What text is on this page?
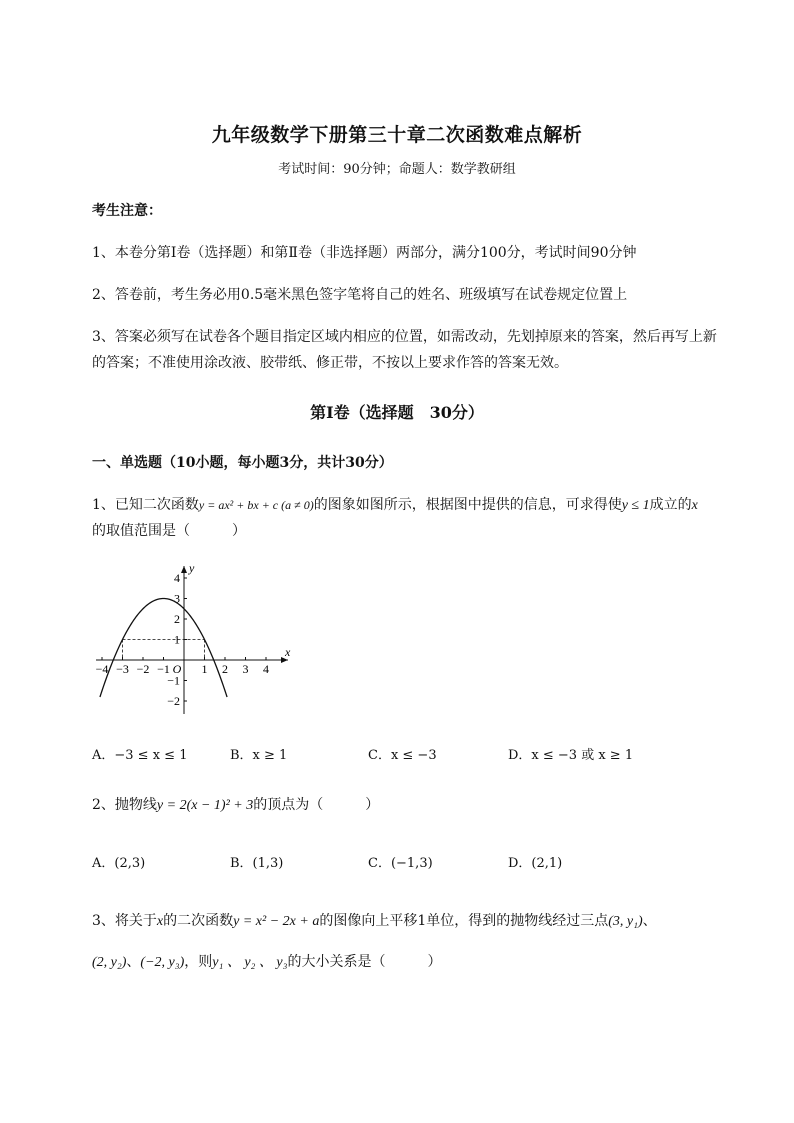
九年级数学下册第三十章二次函数难点解析
考试时间：90分钟；命题人：数学教研组
考生注意：
1、本卷分第I卷（选择题）和第Ⅱ卷（非选择题）两部分，满分100分，考试时间90分钟
2、答卷前，考生务必用0.5毫米黑色签字笔将自己的姓名、班级填写在试卷规定位置上
3、答案必须写在试卷各个题目指定区域内相应的位置，如需改动，先划掉原来的答案，然后再写上新
的答案；不准使用涂改液、胶带纸、修正带，不按以上要求作答的答案无效。
第I卷（选择题　30分）
一、单选题（10小题，每小题3分，共计30分）
1、已知二次函数y = ax² + bx + c (a ≠ 0)的图象如图所示，根据图中提供的信息，可求得使y ≤ 1成立的x
的取值范围是（　　　）
x
y
O
−4 −3 −2 −1	1 2 3 4
4
3
2
1
−1
−2
A．−3 ≤ x ≤ 1	B．x ≥ 1	C．x ≤ −3	D．x ≤ −3 或 x ≥ 1
2、抛物线y = 2(x − 1)² + 3的顶点为（　　　）
A．(2,3)	B．(1,3)	C．(−1,3)	D．(2,1)
3、将关于x的二次函数y = x² − 2x + a的图像向上平移1单位，得到的抛物线经过三点(3, y₁)、
(2, y₂)、(−2, y₃)，则y₁ 、 y₂ 、 y₃的大小关系是（　　　）
